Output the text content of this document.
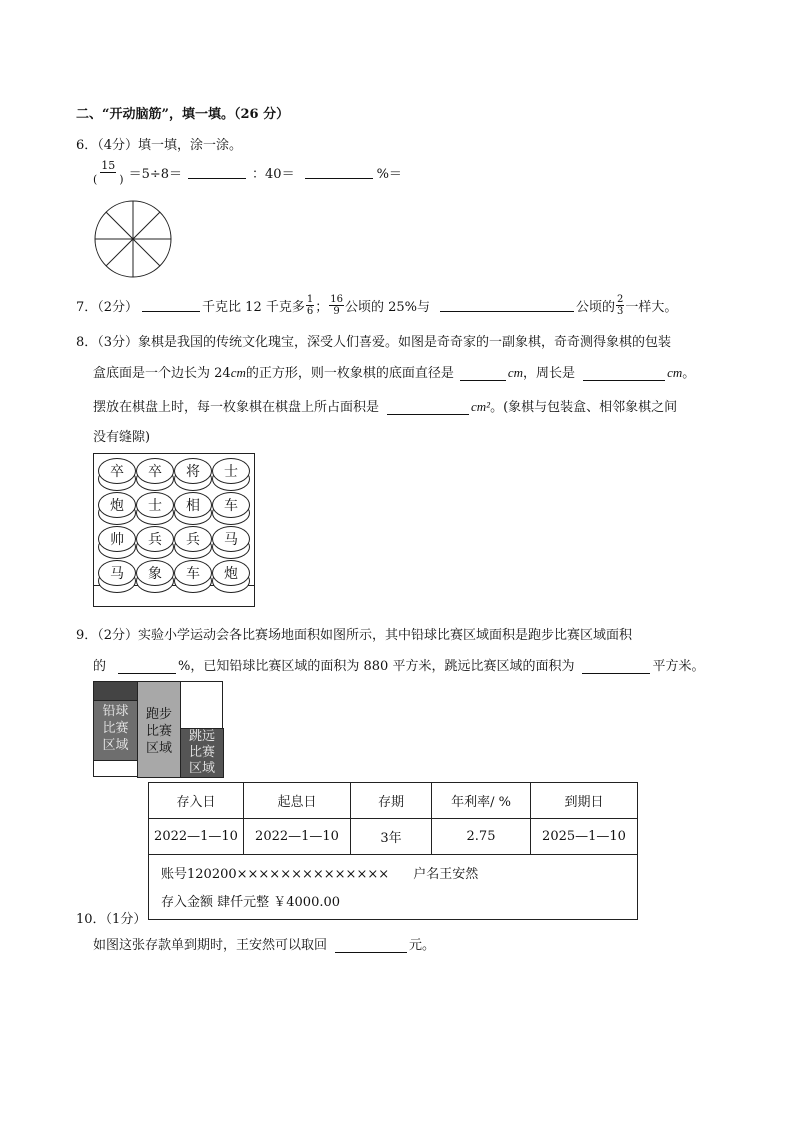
二、“开动脑筋”，填一填。（26 分）
6．（4分）填一填，涂一涂。
$\frac{15}{( )} =5\div 8=$	：40＝	%＝
7．（2分）	千克比 12 千克多 $\frac{1}{6}$ ； $\frac{16}{9}$ 公顷的 25%与	公顷的 $\frac{2}{3}$ 一样大。
8．（3分）象棋是我国的传统文化瑰宝，深受人们喜爱。如图是奇奇家的一副象棋，奇奇测得象棋的包装
盒底面是一个边长为 24 cm 的正方形，则一枚象棋的底面直径是	cm ，周长是	cm 。
摆放在棋盘上时，每一枚象棋在棋盘上所占面积是	cm² 。(象棋与包装盒、相邻象棋之间
没有缝隙)
卒	卒	将	士
炮	士	相	车
帅	兵	兵	马
马	象	车	炮
9．（2分）实验小学运动会各比赛场地面积如图所示，其中铅球比赛区域面积是跑步比赛区域面积
的	%，已知铅球比赛区域的面积为 880 平方米，跳远比赛区域的面积为	平方米。
铅球
比赛
区域
跑步
比赛
区域
跳远
比赛
区域
存入日	起息日	存期	年利率/ %	到期日
2022—1—10	2022—1—10	3年	2.75	2025—1—10
账号120200×××××××××××××× 户名王安然
存入金额 肆仟元整 ￥4000.00
10．（1分）
如图这张存款单到期时，王安然可以取回	元。
